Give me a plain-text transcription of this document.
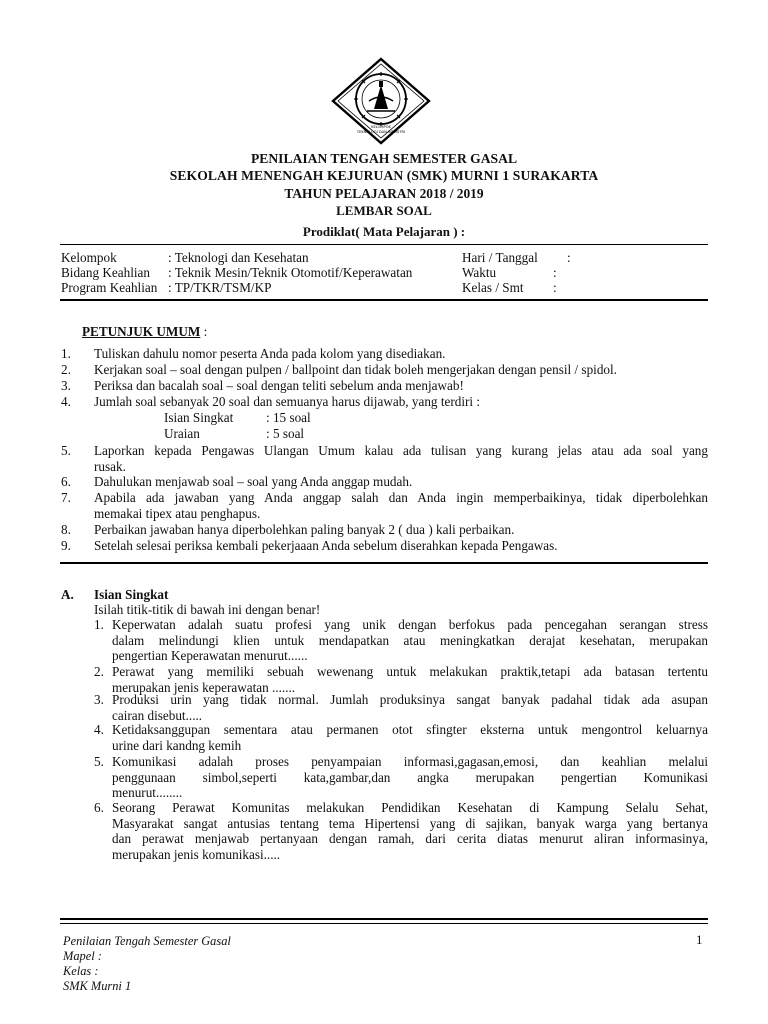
KELOMPOK
TEKNOLOGI DAN INDUSTRI
PENILAIAN TENGAH SEMESTER GASAL
SEKOLAH MENENGAH KEJURUAN (SMK) MURNI 1 SURAKARTA
TAHUN PELAJARAN 2018 / 2019
LEMBAR SOAL
Prodiklat( Mata Pelajaran ) :
Kelompok	: Teknologi dan Kesehatan	Hari / Tanggal :
Bidang Keahlian : Teknik Mesin/Teknik Otomotif/Keperawatan	Waktu	:
Program Keahlian : TP/TKR/TSM/KP	Kelas / Smt :
PETUNJUK UMUM :
1. Tuliskan dahulu nomor peserta Anda pada kolom yang disediakan.
2. Kerjakan soal – soal dengan pulpen / ballpoint dan tidak boleh mengerjakan dengan pensil / spidol.
3. Periksa dan bacalah soal – soal dengan teliti sebelum anda menjawab!
4. Jumlah soal sebanyak 20 soal dan semuanya harus dijawab, yang terdiri :
Isian Singkat : 15 soal
Uraian	: 5 soal
5. Laporkan kepada Pengawas Ulangan Umum kalau ada tulisan yang kurang jelas atau ada soal yang
rusak.
6. Dahulukan menjawab soal – soal yang Anda anggap mudah.
7. Apabila ada jawaban yang Anda anggap salah dan Anda ingin memperbaikinya, tidak diperbolehkan
memakai tipex atau penghapus.
8. Perbaikan jawaban hanya diperbolehkan paling banyak 2 ( dua ) kali perbaikan.
9. Setelah selesai periksa kembali pekerjaaan Anda sebelum diserahkan kepada Pengawas.
A. Isian Singkat
Isilah titik-titik di bawah ini dengan benar!
1. Keperwatan adalah suatu profesi yang unik dengan berfokus pada pencegahan serangan stress
dalam melindungi klien untuk mendapatkan atau meningkatkan derajat kesehatan, merupakan
pengertian Keperawatan menurut......
2. Perawat yang memiliki sebuah wewenang untuk melakukan praktik,tetapi ada batasan tertentu
merupakan jenis keperawatan .......
3. Produksi urin yang tidak normal. Jumlah produksinya sangat banyak padahal tidak ada asupan
cairan disebut.....
4. Ketidaksanggupan sementara atau permanen otot sfingter eksterna untuk mengontrol keluarnya
urine dari kandng kemih
5. Komunikasi adalah proses penyampaian informasi,gagasan,emosi, dan keahlian melalui
penggunaan simbol,seperti kata,gambar,dan angka merupakan pengertian Komunikasi
menurut........
6. Seorang Perawat Komunitas melakukan Pendidikan Kesehatan di Kampung Selalu Sehat,
Masyarakat sangat antusias tentang tema Hipertensi yang di sajikan, banyak warga yang bertanya
dan perawat menjawab pertanyaan dengan ramah, dari cerita diatas menurut aliran informasinya,
merupakan jenis komunikasi.....
Penilaian Tengah Semester Gasal
Mapel :
Kelas :
SMK Murni 1
1
